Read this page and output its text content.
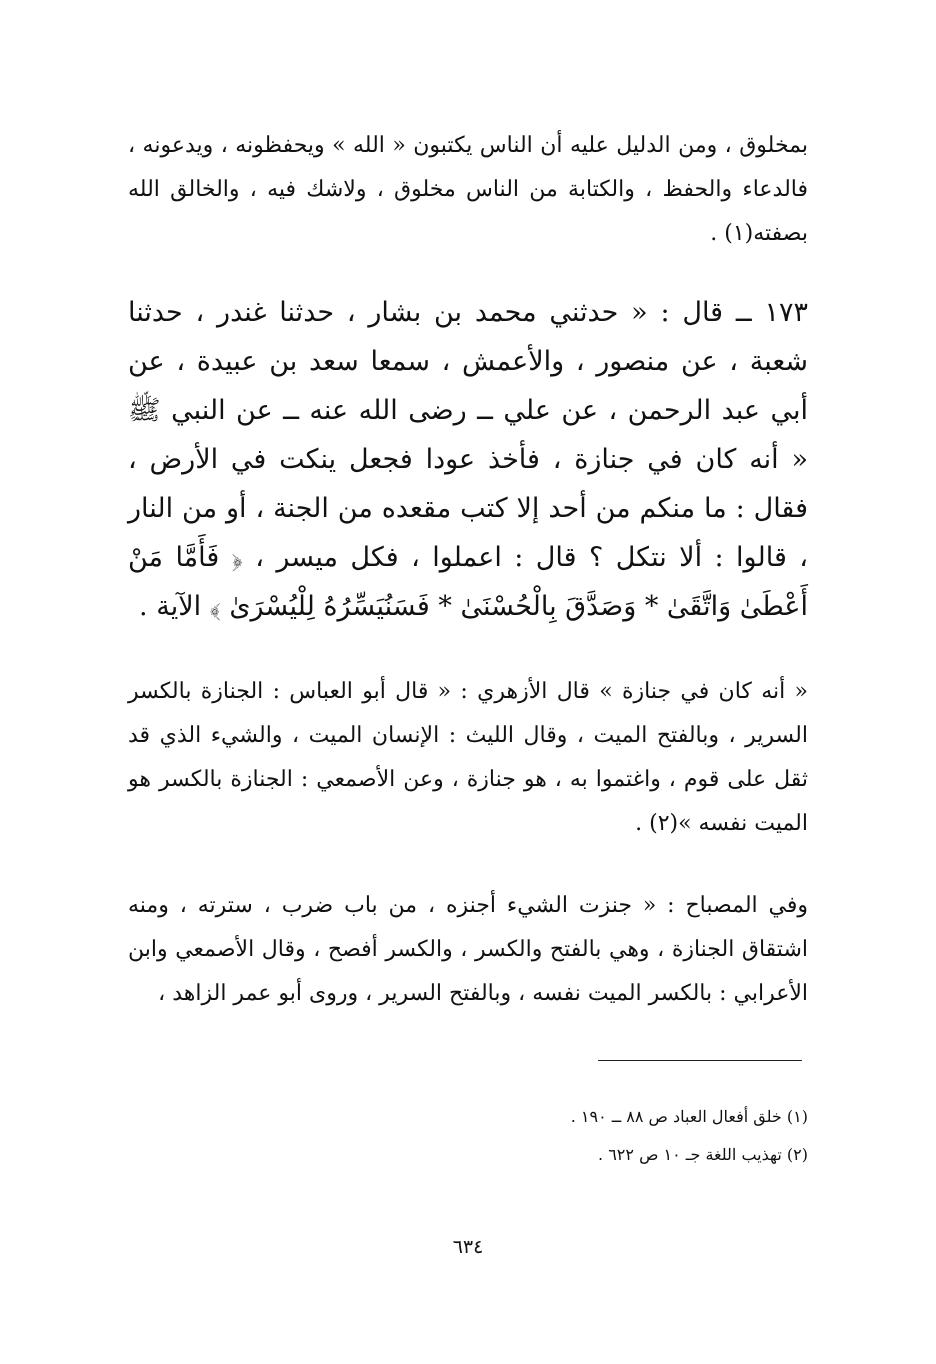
بمخلوق ، ومن الدليل عليه أن الناس يكتبون « الله » ويحفظونه ، ويدعونه ، فالدعاء والحفظ ، والكتابة من الناس مخلوق ، ولاشك فيه ، والخالق الله بصفته(١) .

١٧٣ ــ قال : « حدثني محمد بن بشار ، حدثنا غندر ، حدثنا شعبة ، عن منصور ، والأعمش ، سمعا سعد بن عبيدة ، عن أبي عبد الرحمن ، عن علي ــ رضى الله عنه ــ عن النبي ﷺ « أنه كان في جنازة ، فأخذ عودا فجعل ينكت في الأرض ، فقال : ما منكم من أحد إلا كتب مقعده من الجنة ، أو من النار ، قالوا : ألا نتكل ؟ قال : اعملوا ، فكل ميسر ، ﴿ فَأَمَّا مَنْ أَعْطَىٰ وَاتَّقَىٰ * وَصَدَّقَ بِالْحُسْنَىٰ * فَسَنُيَسِّرُهُ لِلْيُسْرَىٰ ﴾ الآية .

« أنه كان في جنازة » قال الأزهري : « قال أبو العباس : الجنازة بالكسر السرير ، وبالفتح الميت ، وقال الليث : الإنسان الميت ، والشيء الذي قد ثقل على قوم ، واغتموا به ، هو جنازة ، وعن الأصمعي : الجنازة بالكسر هو الميت نفسه »(٢) .

وفي المصباح : « جنزت الشيء أجنزه ، من باب ضرب ، سترته ، ومنه اشتقاق الجنازة ، وهي بالفتح والكسر ، والكسر أفصح ، وقال الأصمعي وابن الأعرابي : بالكسر الميت نفسه ، وبالفتح السرير ، وروى أبو عمر الزاهد ،

(١) خلق أفعال العباد ص ٨٨ ــ ١٩٠ .
(٢) تهذيب اللغة جـ ١٠ ص ٦٢٢ .
٦٣٤
